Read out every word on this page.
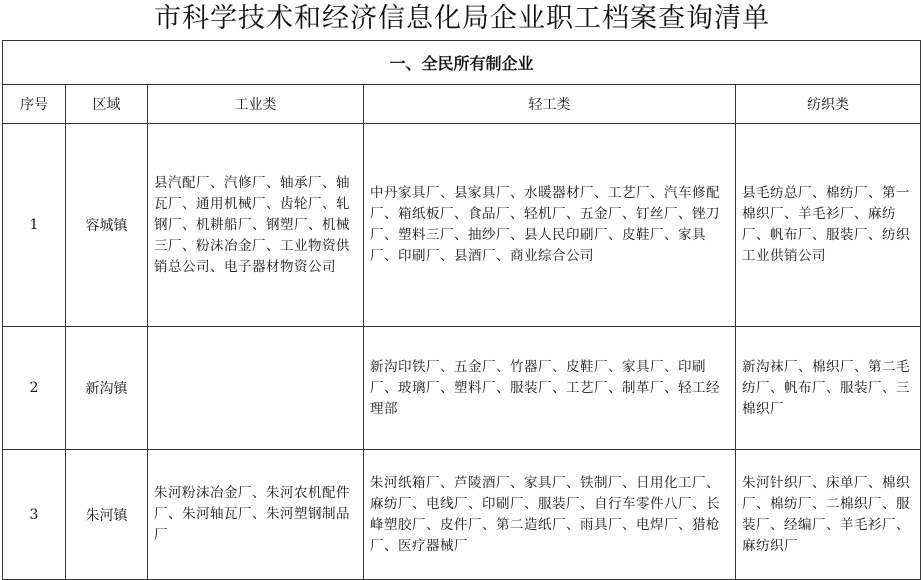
市科学技术和经济信息化局企业职工档案查询清单
一、全民所有制企业				
序号	区域	工业类	轻工类	纺织类
1	容城镇	县汽配厂、汽修厂、轴承厂、轴瓦厂、通用机械厂、齿轮厂、轧钢厂、机耕船厂、钢塑厂、机械三厂、粉沫冶金厂、工业物资供销总公司、电子器材物资公司	中丹家具厂、县家具厂、水暖器材厂、工艺厂、汽车修配厂、箱纸板厂、食品厂、轻机厂、五金厂、钉丝厂、锉刀厂、塑料三厂、抽纱厂、县人民印刷厂、皮鞋厂、家具厂、印刷厂、县酒厂、商业综合公司	县毛纺总厂、棉纺厂、第一棉织厂、羊毛衫厂、麻纺厂、帆布厂、服装厂、纺织工业供销公司
2	新沟镇		新沟印铁厂、五金厂、竹器厂、皮鞋厂、家具厂、印刷厂、玻璃厂、塑料厂、服装厂、工艺厂、制革厂、轻工经理部	新沟袜厂、棉织厂、第二毛纺厂、帆布厂、服装厂、三棉织厂
3	朱河镇	朱河粉沫冶金厂、朱河农机配件厂、朱河轴瓦厂、朱河塑钢制品厂	朱河纸箱厂、芦陵酒厂、家具厂、铁制厂、日用化工厂、麻纺厂、电线厂、印刷厂、服装厂、自行车零件八厂、长峰塑胶厂、皮件厂、第二造纸厂、雨具厂、电焊厂、猎枪厂、医疗器械厂	朱河针织厂、床单厂、棉织厂、棉纺厂、二棉织厂、服装厂、经编厂、羊毛衫厂、麻纺织厂
